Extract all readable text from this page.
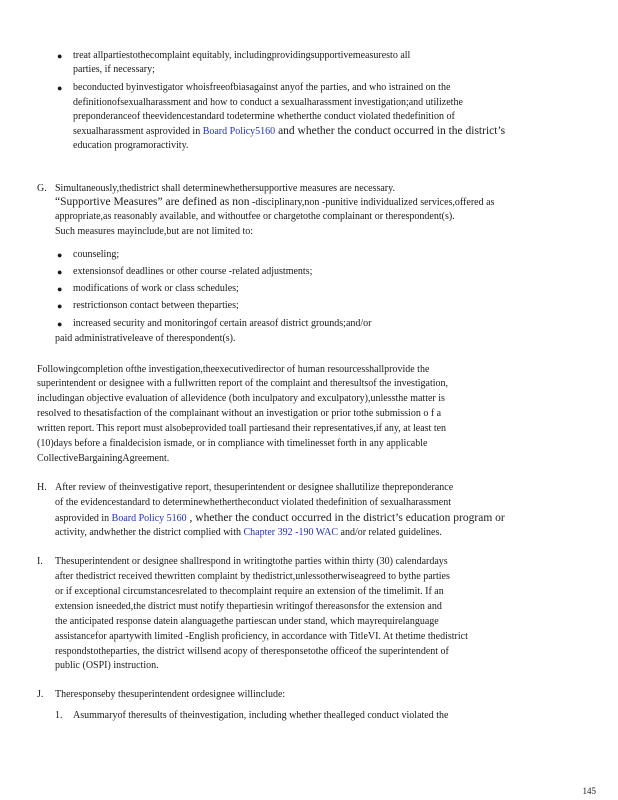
● treat allpartiestothecomplaint equitably, includingprovidingsupportivemeasuresto all
parties, if necessary;
● beconducted byinvestigator whoisfreeofbiasagainst anyof the parties, and who istrained on the
definitionofsexualharassment and how to conduct a sexualharassment investigation;and utilizethe
preponderanceof theevidencestandard todetermine whetherthe conduct violated thedefinition of
sexualharassment asprovided in Board Policy5160 and whether the conduct occurred in the district’s
education programoractivity.
G. Simultaneously,thedistrict shall determinewhethersupportive measures are necessary.
“Supportive Measures” are defined as non -disciplinary,non -punitive individualized services,offered as
appropriate,as reasonably available, and withoutfee or chargetothe complainant or therespondent(s).
Such measures mayinclude,but are not limited to:
● counseling;
● extensionsof deadlines or other course -related adjustments;
● modifications of work or class schedules;
● restrictionson contact between theparties;
● increased security and monitoringof certain areasof district grounds;and/or
paid administrativeleave of therespondent(s).
Followingcompletion ofthe investigation,theexecutivedirector of human resourcesshallprovide the
superintendent or designee with a fullwritten report of the complaint and theresultsof the investigation,
includingan objective evaluation of allevidence (both inculpatory and exculpatory),unlessthe matter is
resolved to thesatisfaction of the complainant without an investigation or prior tothe submission o f a
written report. This report must alsobeprovided toall partiesand their representatives,if any, at least ten
(10)days before a finaldecision ismade, or in compliance with timelinesset forth in any applicable
CollectiveBargainingAgreement.
H. After review of theinvestigative report, thesuperintendent or designee shallutilize thepreponderance
of the evidencestandard to determinewhethertheconduct violated thedefinition of sexualharassment
asprovided in Board Policy 5160 , whether the conduct occurred in the district’s education program or
activity, andwhether the district complied with Chapter 392 -190 WAC and/or related guidelines.
I. Thesuperintendent or designee shallrespond in writingtothe parties within thirty (30) calendardays
after thedistrict received thewritten complaint by thedistrict,unlessotherwiseagreed to bythe parties
or if exceptional circumstancesrelated to thecomplaint require an extension of the timelimit. If an
extension isneeded,the district must notify thepartiesin writingof thereasonsfor the extension and
the anticipated response datein alanguagethe partiescan under stand, which mayrequirelanguage
assistancefor apartywith limited -English proficiency, in accordance with TitleVI. At thetime thedistrict
respondstotheparties, the district willsend acopy of theresponsetothe officeof the superintendent of
public (OSPI) instruction.
J. Theresponseby thesuperintendent ordesignee willinclude:
1. Asummaryof theresults of theinvestigation, including whether thealleged conduct violated the
145
